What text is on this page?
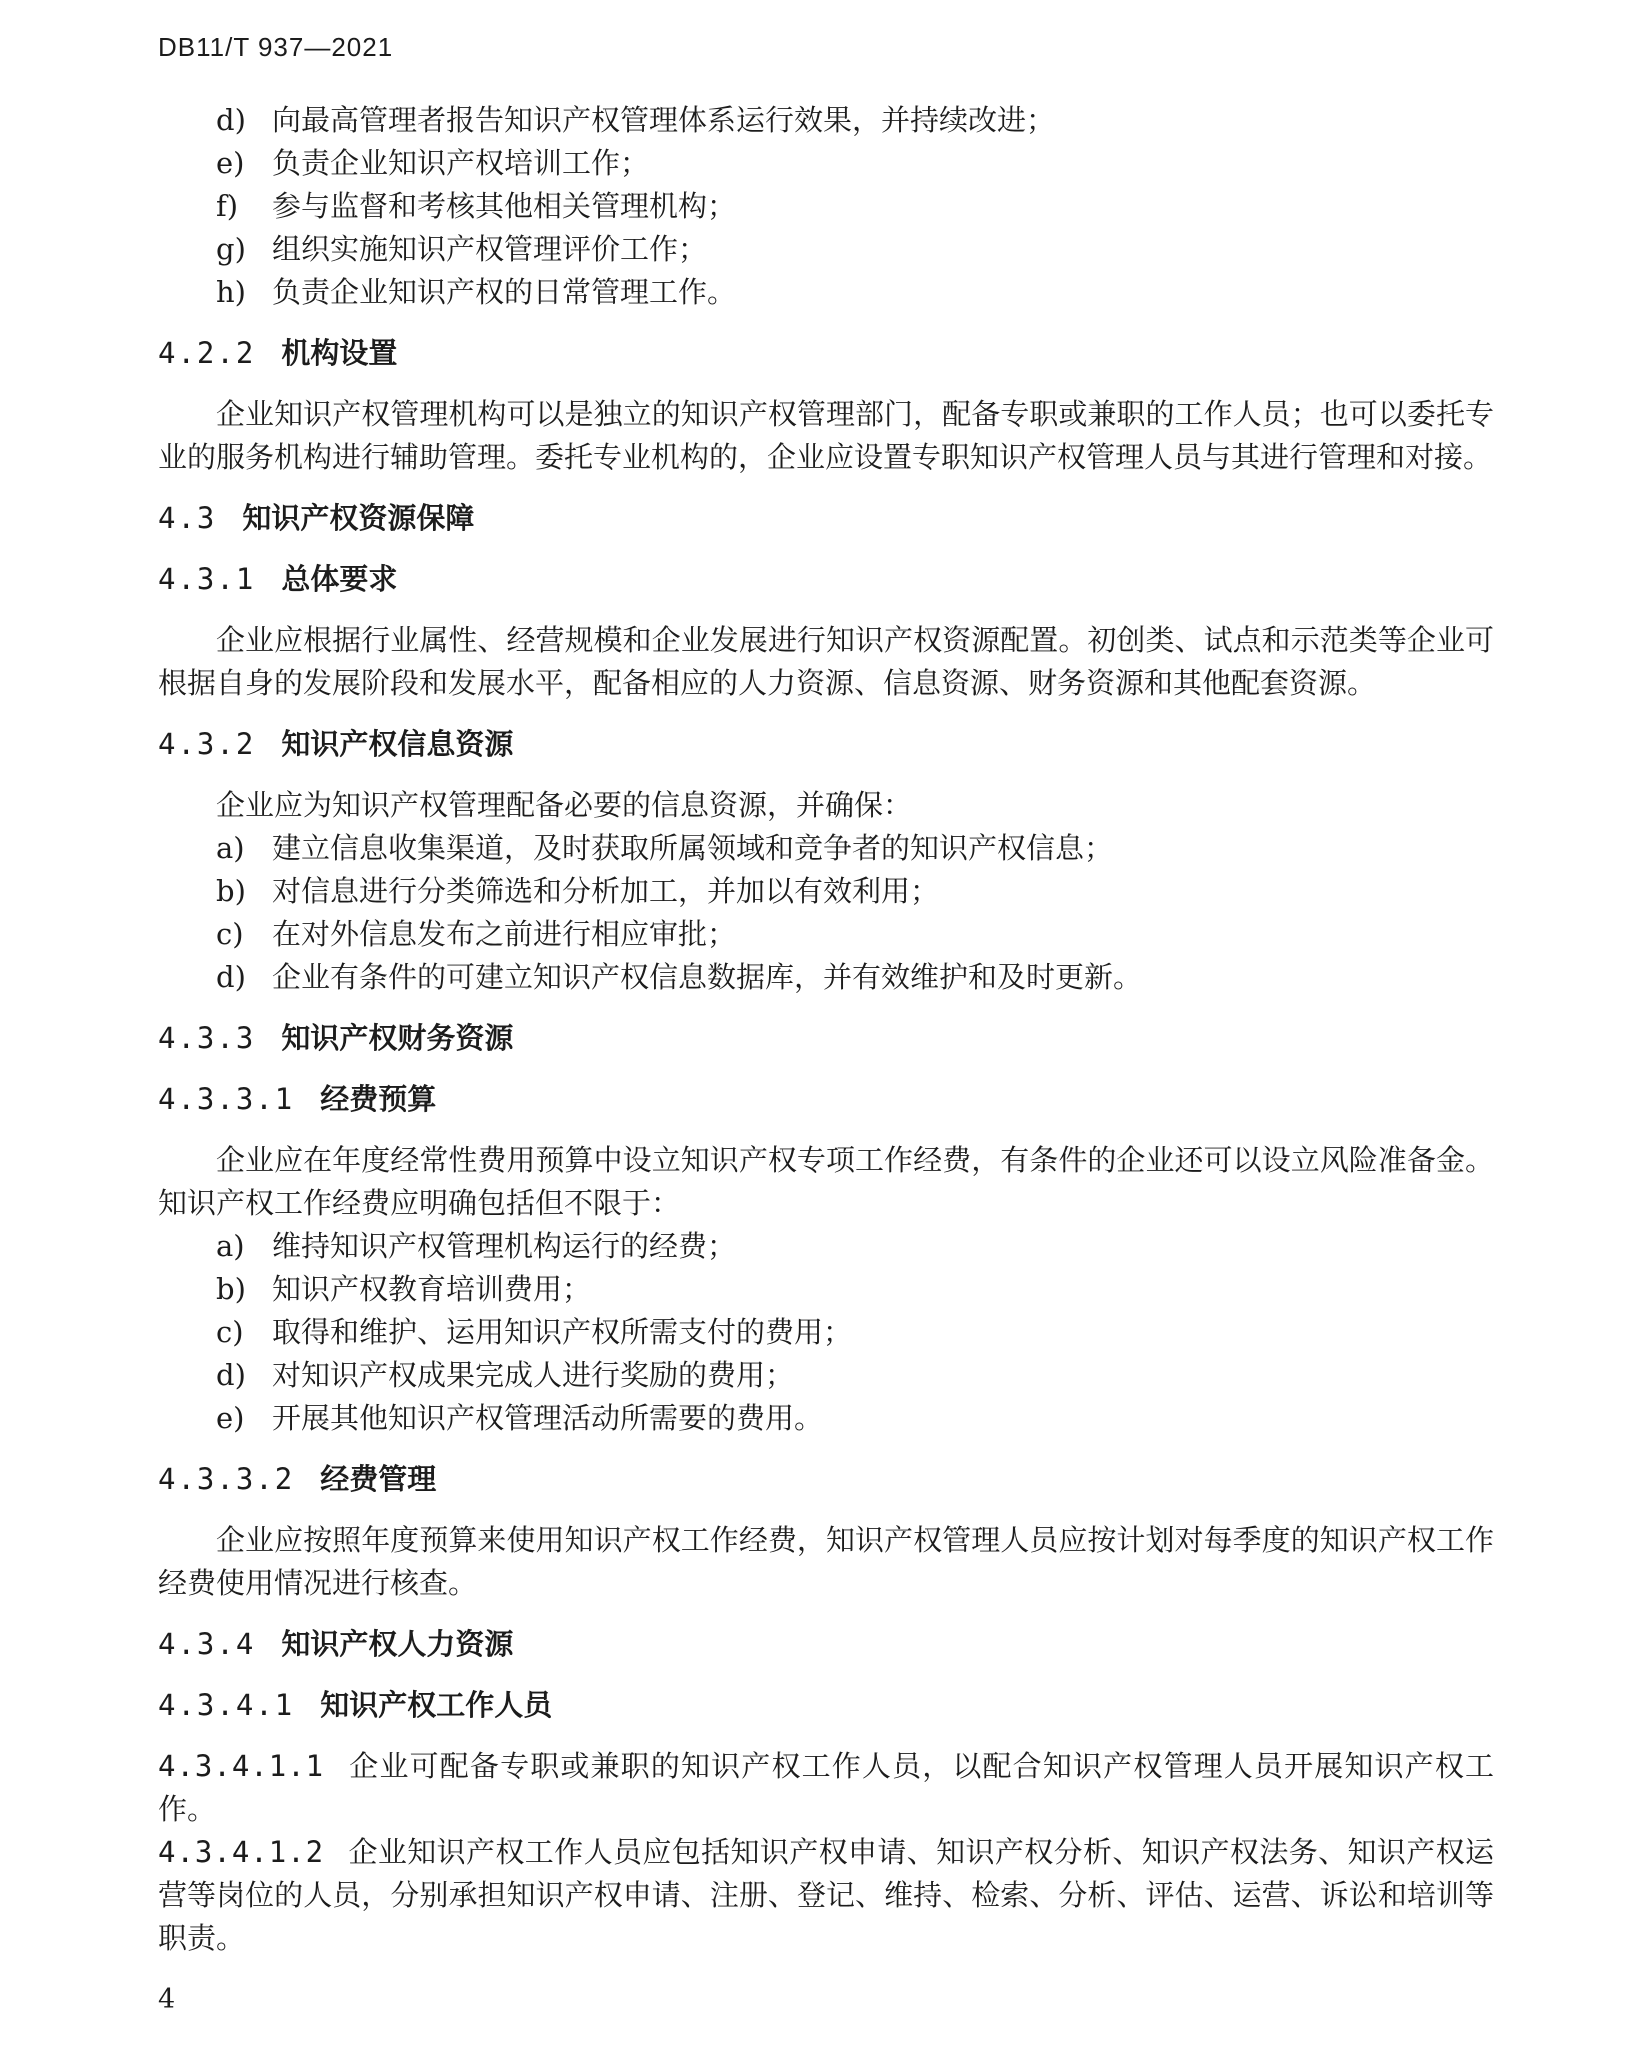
DB11/T 937—2021
d) 向最高管理者报告知识产权管理体系运行效果，并持续改进；
e) 负责企业知识产权培训工作；
f)	参与监督和考核其他相关管理机构；
g) 组织实施知识产权管理评价工作；
h) 负责企业知识产权的日常管理工作。
4.2.2 机构设置

企业知识产权管理机构可以是独立的知识产权管理部门，配备专职或兼职的工作人员；也可以委托专业的服务机构进行辅助管理。委托专业机构的，企业应设置专职知识产权管理人员与其进行管理和对接。

4.3 知识产权资源保障
4.3.1 总体要求

企业应根据行业属性、经营规模和企业发展进行知识产权资源配置。初创类、试点和示范类等企业可根据自身的发展阶段和发展水平，配备相应的人力资源、信息资源、财务资源和其他配套资源。

4.3.2 知识产权信息资源

企业应为知识产权管理配备必要的信息资源，并确保：

a) 建立信息收集渠道，及时获取所属领域和竞争者的知识产权信息；
b) 对信息进行分类筛选和分析加工，并加以有效利用；
c) 在对外信息发布之前进行相应审批；
d) 企业有条件的可建立知识产权信息数据库，并有效维护和及时更新。
4.3.3 知识产权财务资源
4.3.3.1 经费预算

企业应在年度经常性费用预算中设立知识产权专项工作经费，有条件的企业还可以设立风险准备金。知识产权工作经费应明确包括但不限于：

a) 维持知识产权管理机构运行的经费；
b) 知识产权教育培训费用；
c) 取得和维护、运用知识产权所需支付的费用；
d) 对知识产权成果完成人进行奖励的费用；
e) 开展其他知识产权管理活动所需要的费用。
4.3.3.2 经费管理

企业应按照年度预算来使用知识产权工作经费，知识产权管理人员应按计划对每季度的知识产权工作经费使用情况进行核查。

4.3.4 知识产权人力资源
4.3.4.1 知识产权工作人员

4.3.4.1.1 企业可配备专职或兼职的知识产权工作人员，以配合知识产权管理人员开展知识产权工作。

4.3.4.1.2 企业知识产权工作人员应包括知识产权申请、知识产权分析、知识产权法务、知识产权运营等岗位的人员，分别承担知识产权申请、注册、登记、维持、检索、分析、评估、运营、诉讼和培训等职责。

4
